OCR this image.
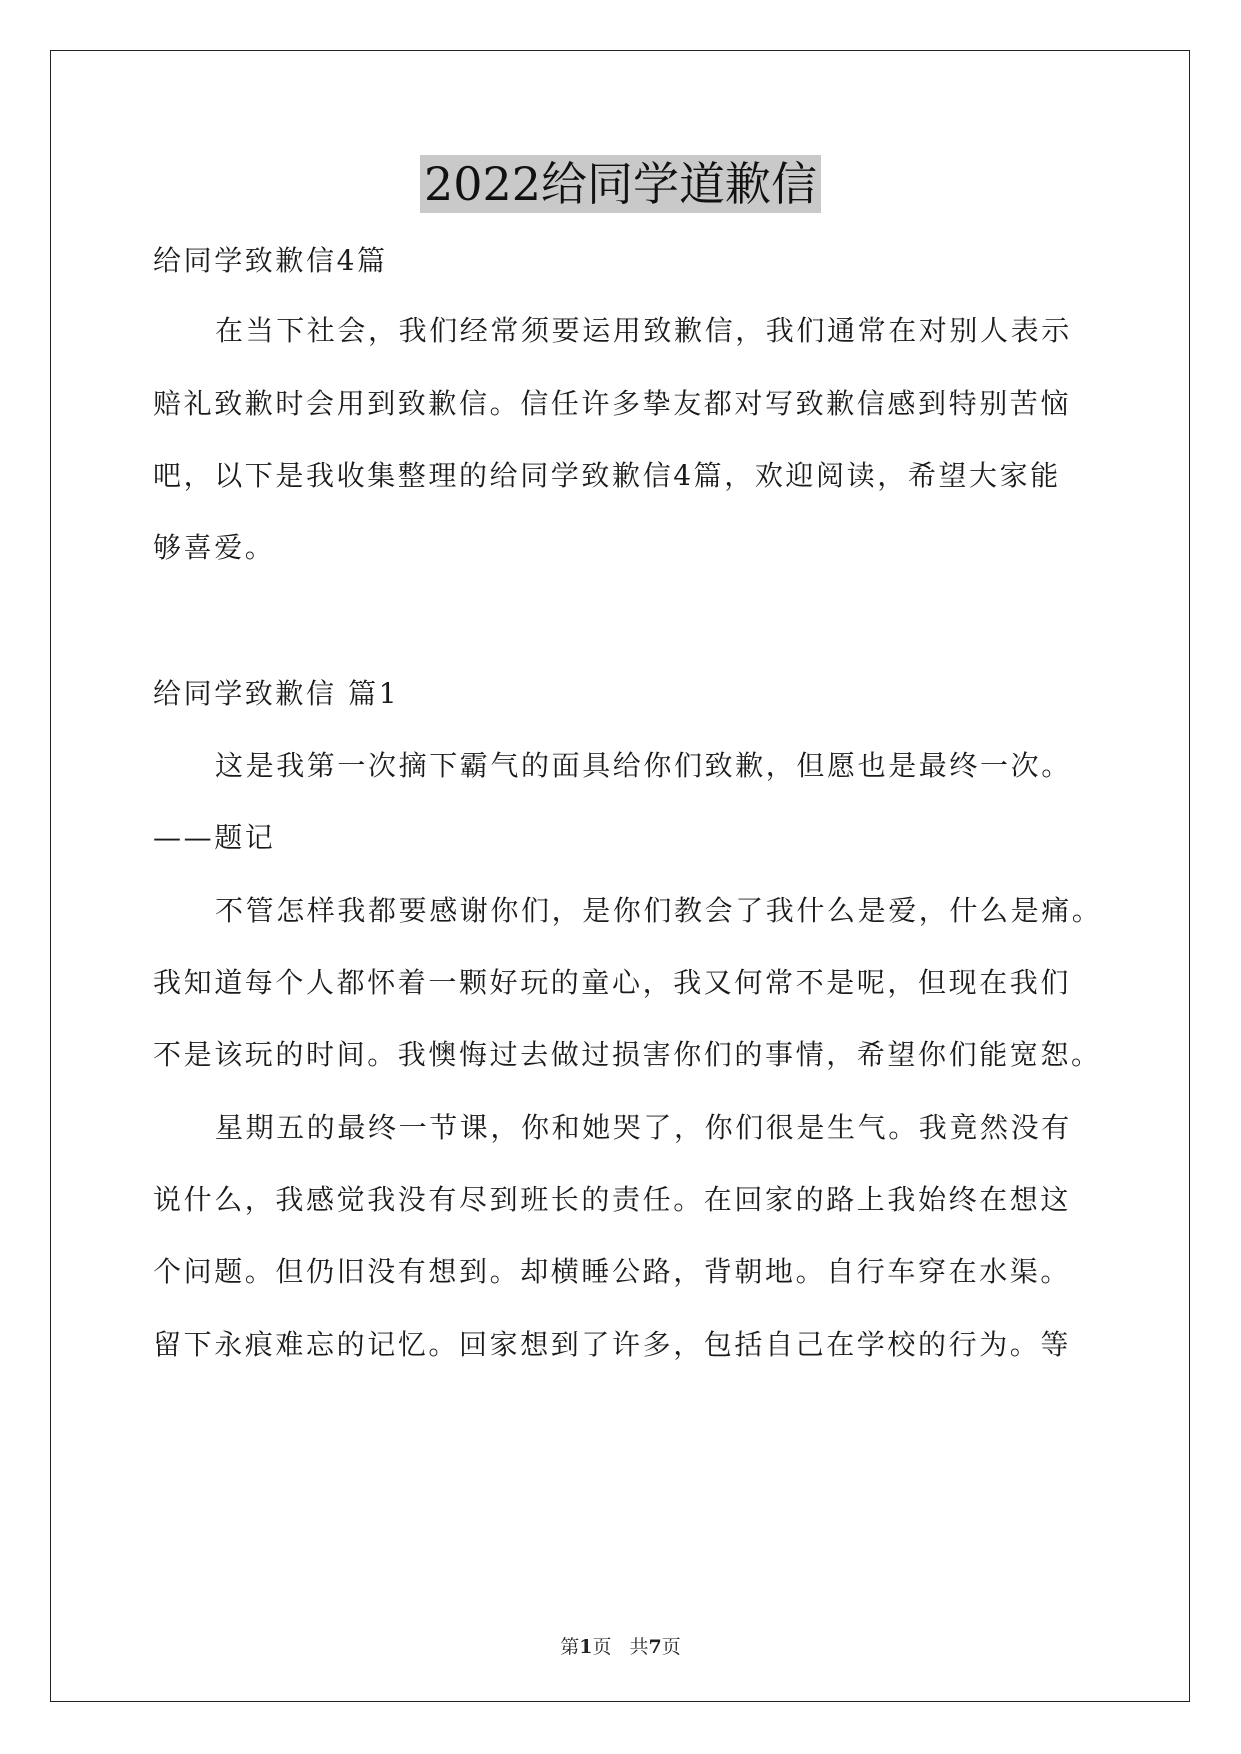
2022给同学道歉信
给同学致歉信4篇
在当下社会，我们经常须要运用致歉信，我们通常在对别人表示
赔礼致歉时会用到致歉信。信任许多挚友都对写致歉信感到特别苦恼
吧，以下是我收集整理的给同学致歉信4篇，欢迎阅读，希望大家能
够喜爱。
给同学致歉信 篇1
这是我第一次摘下霸气的面具给你们致歉，但愿也是最终一次。
——题记
不管怎样我都要感谢你们，是你们教会了我什么是爱，什么是痛。
我知道每个人都怀着一颗好玩的童心，我又何常不是呢，但现在我们
不是该玩的时间。我懊悔过去做过损害你们的事情，希望你们能宽恕。
星期五的最终一节课，你和她哭了，你们很是生气。我竟然没有
说什么，我感觉我没有尽到班长的责任。在回家的路上我始终在想这
个问题。但仍旧没有想到。却横睡公路，背朝地。自行车穿在水渠。
留下永痕难忘的记忆。回家想到了许多，包括自己在学校的行为。等
第1页 共7页
